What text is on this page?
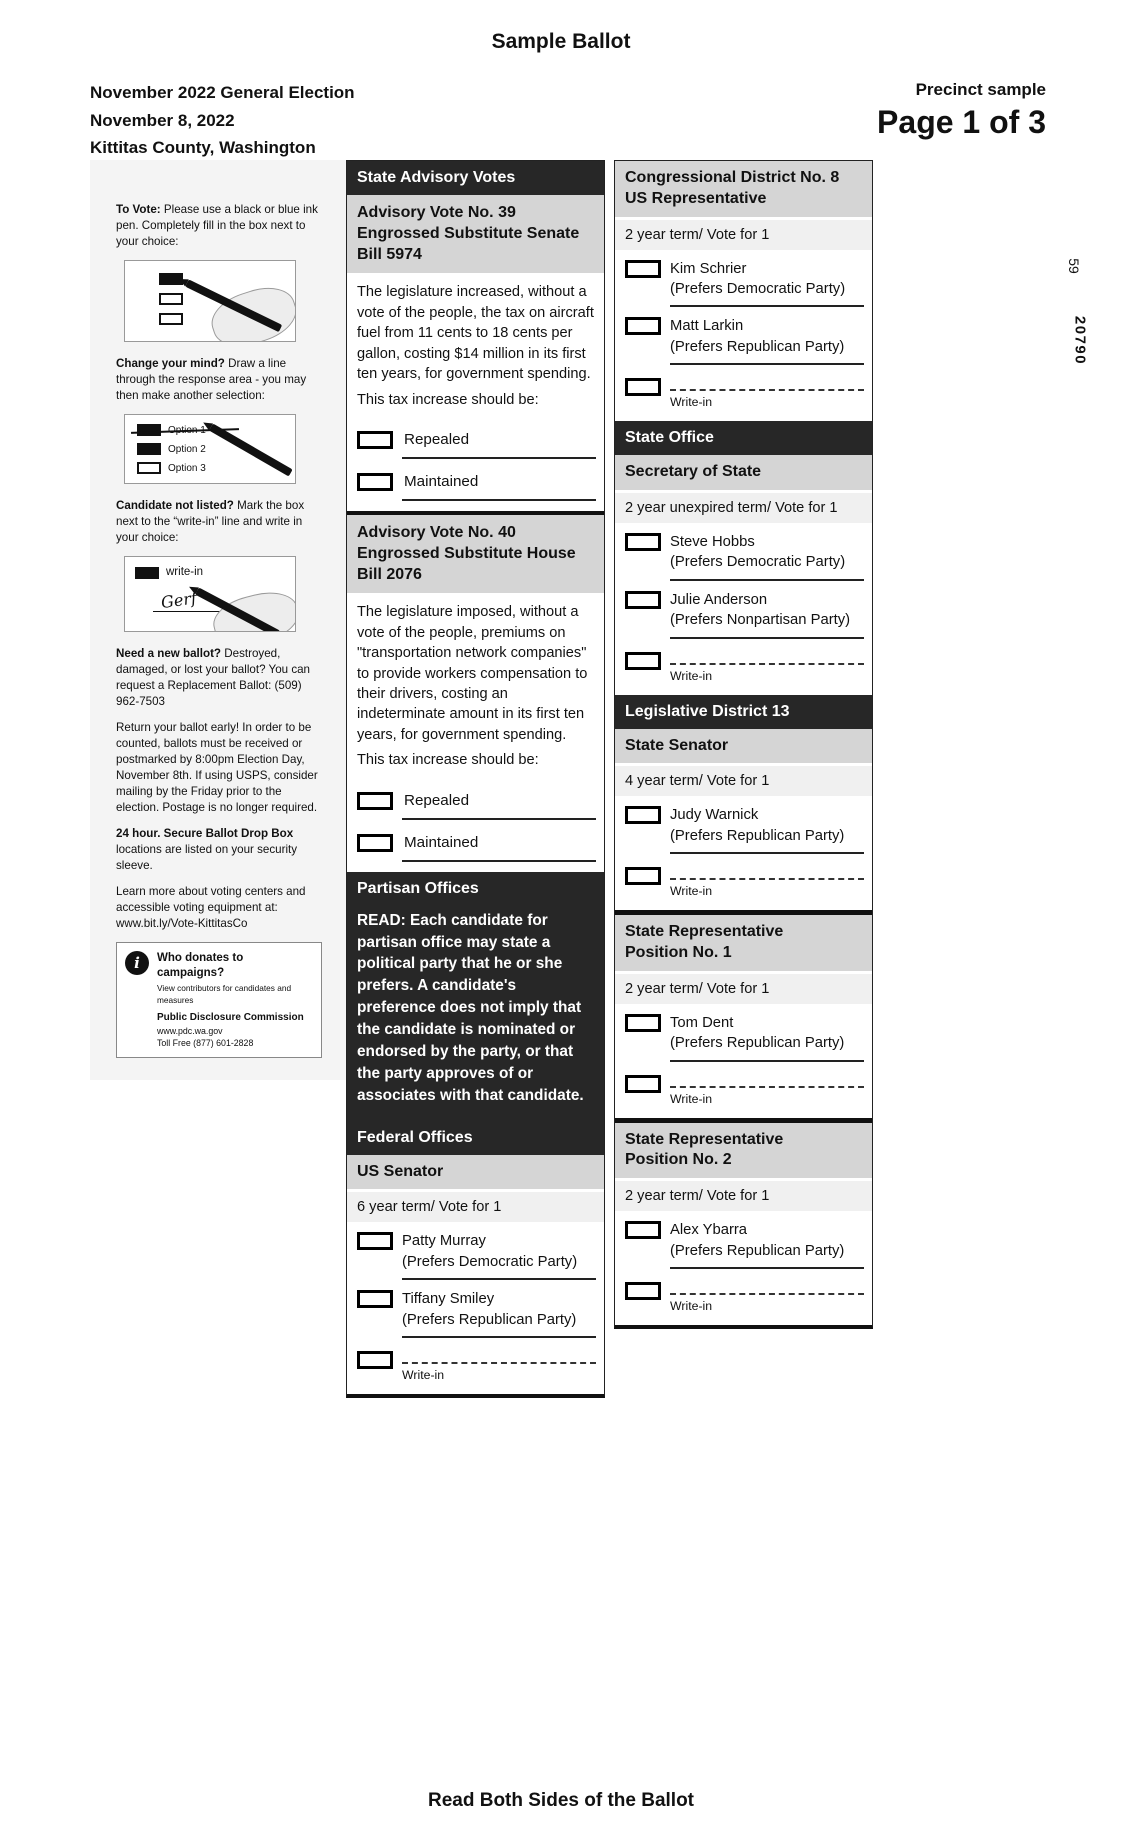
Sample Ballot
November 2022 General Election
November 8, 2022
Kittitas County, Washington
Precinct sample
Page 1 of 3
59
20790

To Vote: Please use a black or blue ink pen. Completely fill in the box next to your choice:

Change your mind? Draw a line through the response area - you may then make another selection:

Option 2
Option 3

Candidate not listed? Mark the box next to the “write-in” line and write in your choice:

write-in
Gerf

Need a new ballot? Destroyed, damaged, or lost your ballot? You can request a Replacement Ballot: (509) 962-7503

Return your ballot early! In order to be counted, ballots must be received or postmarked by 8:00pm Election Day, November 8th. If using USPS, consider mailing by the Friday prior to the election. Postage is no longer required.

24 hour. Secure Ballot Drop Box locations are listed on your security sleeve.

Learn more about voting centers and accessible voting equipment at: www.bit.ly/Vote-KittitasCo

i
Who donates to campaigns?
View contributors for candidates and measures
Public Disclosure Commission
www.pdc.wa.gov
Toll Free (877) 601-2828
State Advisory Votes
Advisory Vote No. 39
Engrossed Substitute Senate Bill 5974

The legislature increased, without a vote of the people, the tax on aircraft fuel from 11 cents to 18 cents per gallon, costing $14 million in its first ten years, for government spending.

This tax increase should be:

Repealed
Maintained
Advisory Vote No. 40
Engrossed Substitute House Bill 2076

The legislature imposed, without a vote of the people, premiums on "transportation network companies" to provide workers compensation to their drivers, costing an indeterminate amount in its first ten years, for government spending.

This tax increase should be:

Repealed
Maintained
Partisan Offices
READ: Each candidate for partisan office may state a political party that he or she prefers. A candidate's preference does not imply that the candidate is nominated or endorsed by the party, or that the party approves of or associates with that candidate.
Federal Offices
US Senator
6 year term/ Vote for 1
Patty Murray
(Prefers Democratic Party)
Tiffany Smiley
(Prefers Republican Party)
Write-in
Congressional District No. 8
US Representative
2 year term/ Vote for 1
Kim Schrier
(Prefers Democratic Party)
Matt Larkin
(Prefers Republican Party)
Write-in
State Office
Secretary of State
2 year unexpired term/ Vote for 1
Steve Hobbs
(Prefers Democratic Party)
Julie Anderson
(Prefers Nonpartisan Party)
Write-in
Legislative District 13
State Senator
4 year term/ Vote for 1
Judy Warnick
(Prefers Republican Party)
Write-in
State Representative
Position No. 1
2 year term/ Vote for 1
Tom Dent
(Prefers Republican Party)
Write-in
State Representative
Position No. 2
2 year term/ Vote for 1
Alex Ybarra
(Prefers Republican Party)
Write-in
Read Both Sides of the Ballot
